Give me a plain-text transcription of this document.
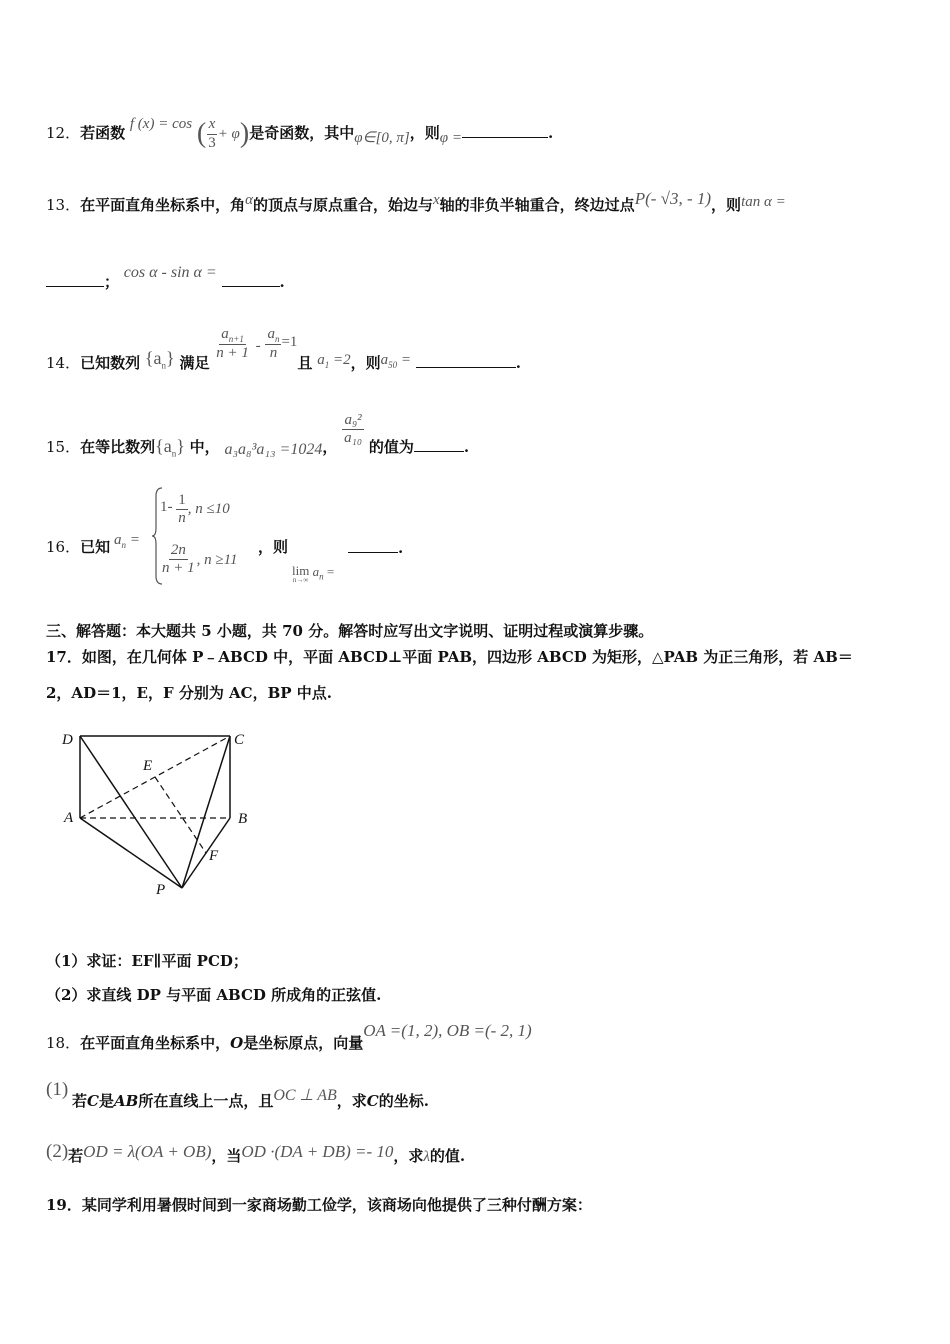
12．若函数 f (x) = cos ( $\frac{x}{3} + \varphi$)是奇函数，其中φ∈[0, π]，则φ =	.
13．在平面直角坐标系中，角α的顶点与原点重合，始边与x轴的非负半轴重合，终边过点P(- √3, - 1)，则tan α =
； cos α - sin α = .
14．已知数列 $\{a_n\}$ 满足
$\frac{a_{n+1}}{n + 1} - \frac{a_n}{n} =1$且 $a_1 =2$，则$a_{50}$ =	.
15．在等比数列$\{a_n\}$ 中， a₃a₈³a₁₃ =1024， $\frac{\text{a₉²}}{\text{a₁₀}}$ 的值为	.
16．已知 $a_n$ =
$1- \frac{1}{n}$ , n ≤10
$\frac{2n}{n + 1}$ , n ≥11
，则
lim
n→∞
$a_n$ =
.
三、解答题：本大题共 5 小题，共 70 分。解答时应写出文字说明、证明过程或演算步骤。
17．如图，在几何体 P﹣ABCD 中，平面 ABCD⊥平面 PAB，四边形 ABCD 为矩形，△PAB 为正三角形，若 AB＝
2，AD＝1，E，F 分别为 AC，BP 中点.
D	C
E
A	B
F
P
（1）求证：EF∥平面 PCD；
（2）求直线 DP 与平面 ABCD 所成角的正弦值.
18．在平面直角坐标系中，O是坐标原点，向量OA =(1, 2), OB =(- 2, 1)
(1)
若C是AB所在直线上一点，且OC ⊥ AB，求C的坐标.
(2)若OD = λ(OA + OB)，当OD ·(DA + DB) =- 10，求λ的值.
19．某同学利用暑假时间到一家商场勤工俭学，该商场向他提供了三种付酬方案：
